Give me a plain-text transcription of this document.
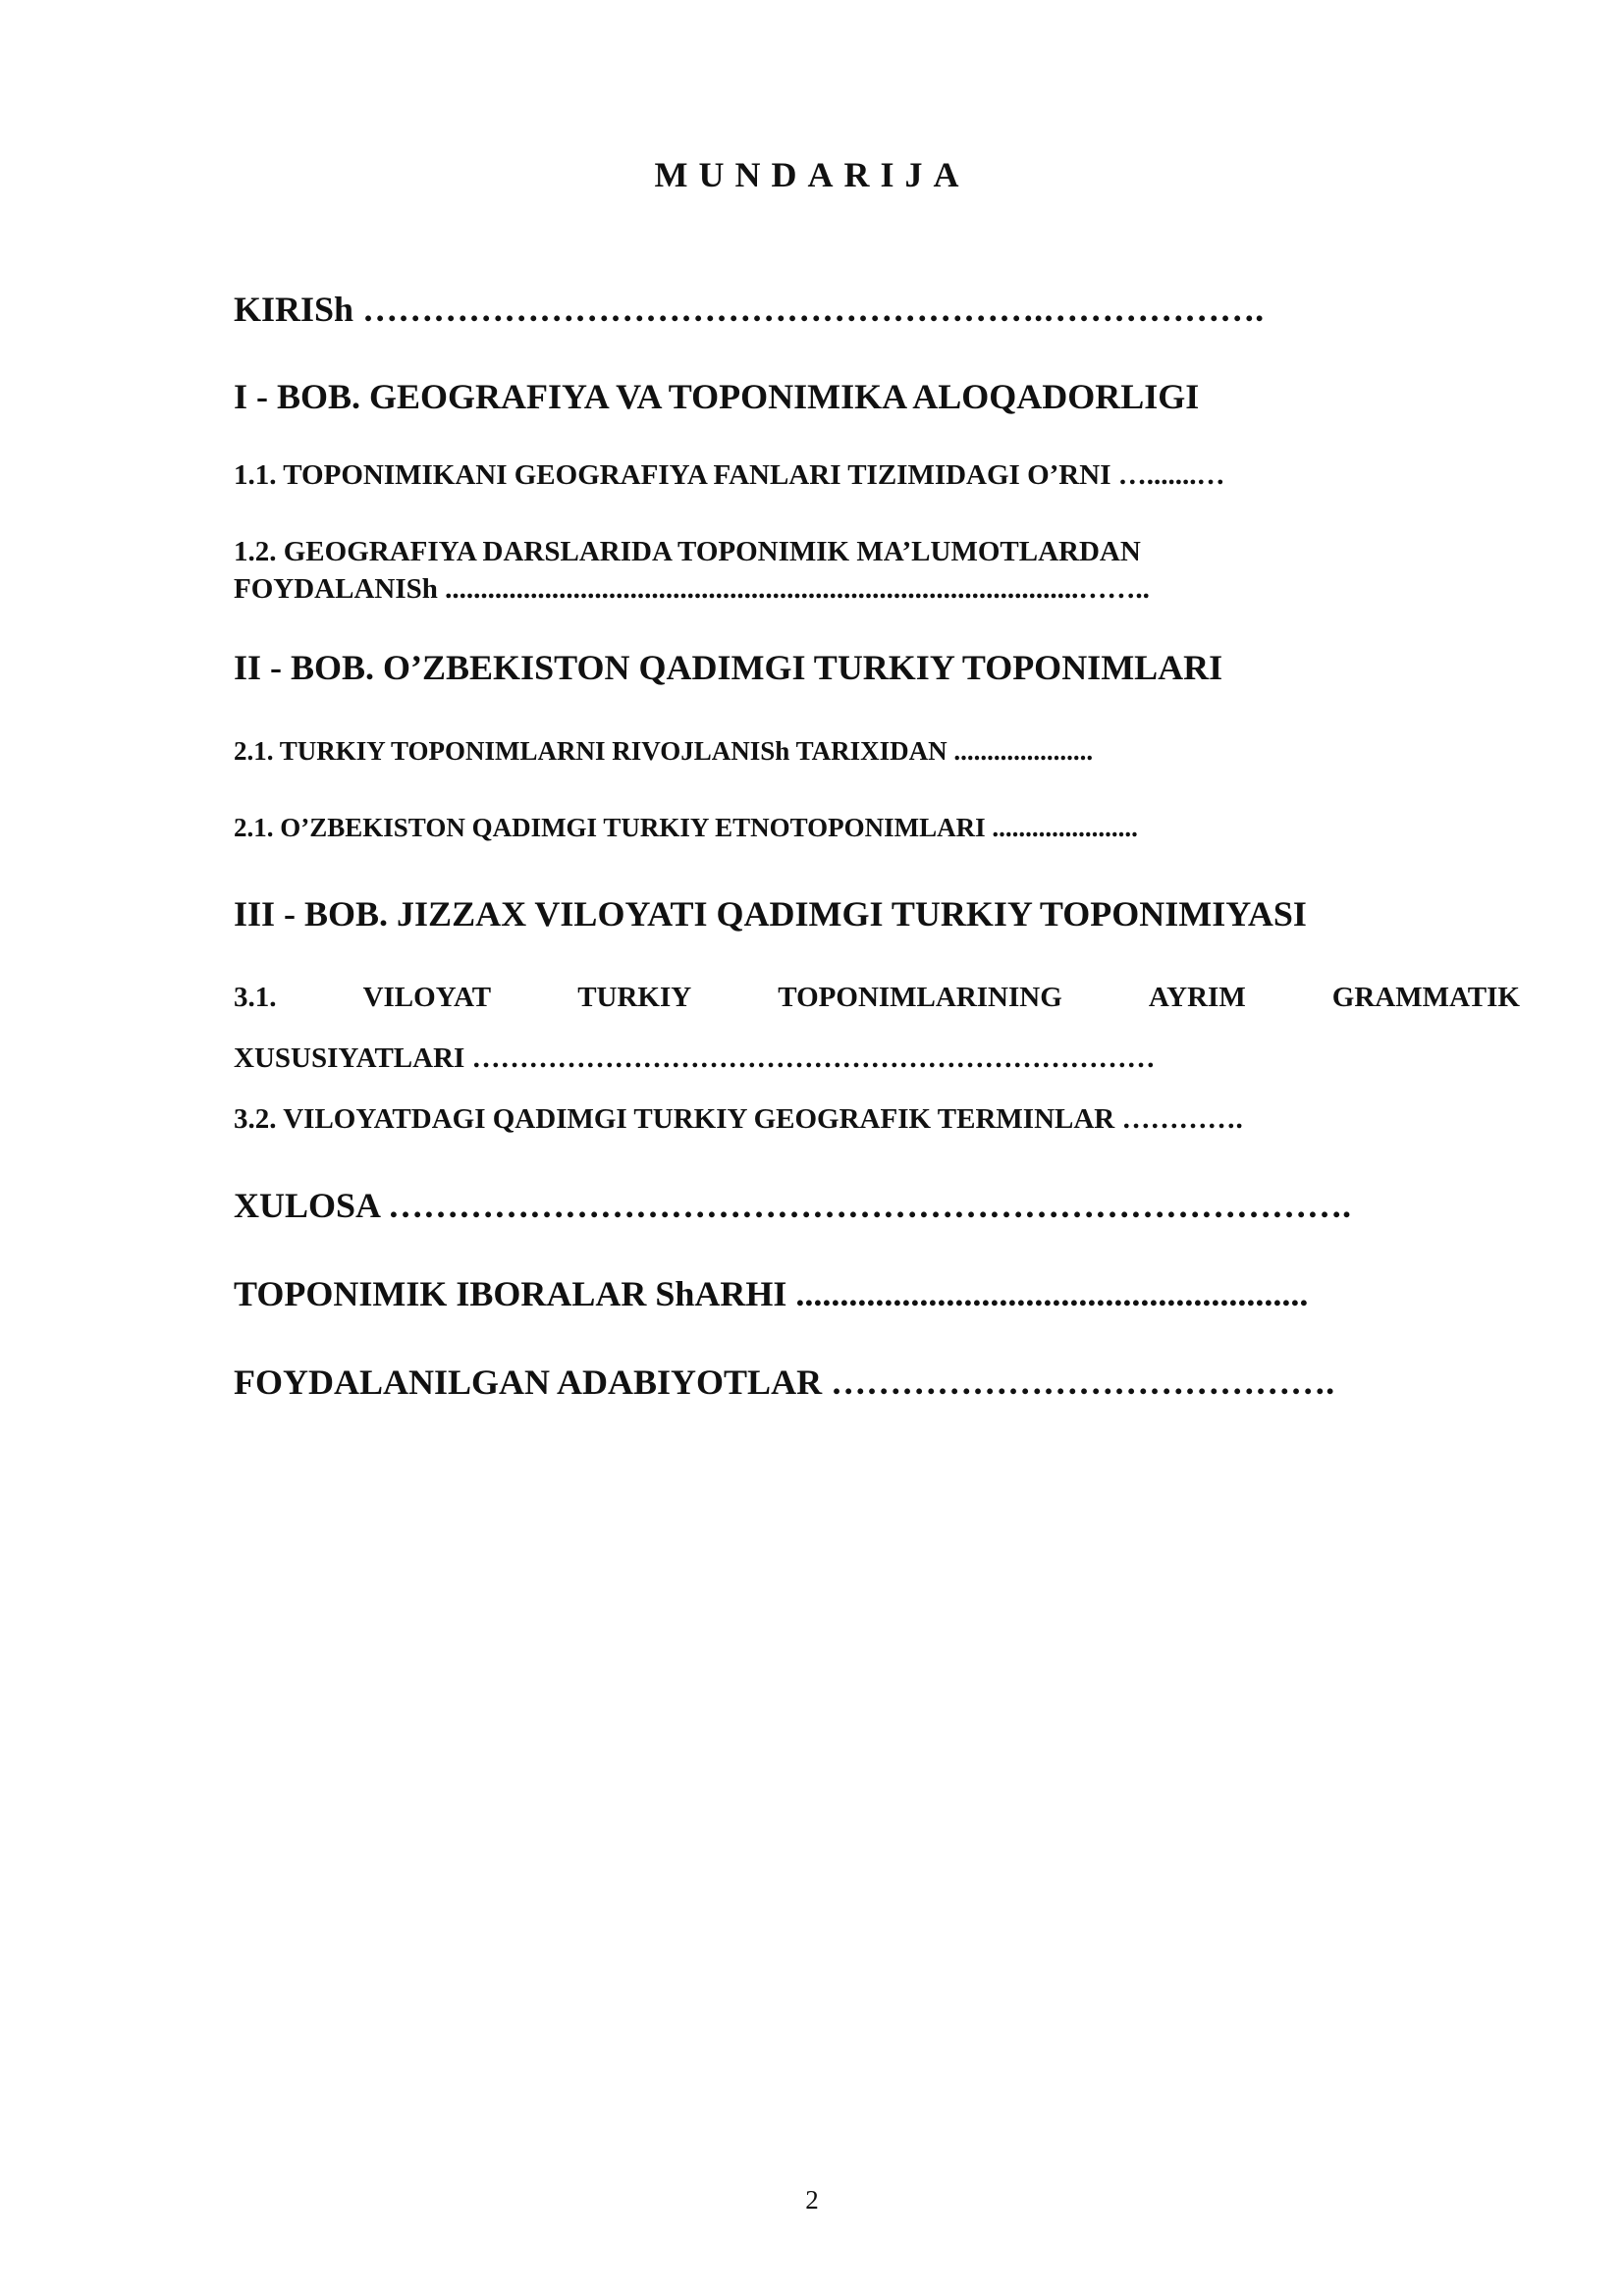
MUNDARIJA
KIRISh ………………………………………………….……………….
I - BOB. GEOGRAFIYA VA TOPONIMIKA ALOQADORLIGI
1.1. TOPONIMIKANI GEOGRAFIYA FANLARI TIZIMIDAGI O’RNI ….......…
1.2. GEOGRAFIYA DARSLARIDA TOPONIMIK MA’LUMOTLARDAN
FOYDALANISh .........................................................................................……..
II - BOB. O’ZBEKISTON QADIMGI TURKIY TOPONIMLARI
2.1. TURKIY TOPONIMLARNI RIVOJLANISh TARIXIDAN .....................
2.1. O’ZBEKISTON QADIMGI TURKIY ETNOTOPONIMLARI ......................
III - BOB. JIZZAX VILOYATI QADIMGI TURKIY TOPONIMIYASI
3.1.	VILOYAT	TURKIY	TOPONIMLARINING	AYRIM	GRAMMATIK
XUSUSIYATLARI ………………………………………………………………
3.2. VILOYATDAGI QADIMGI TURKIY GEOGRAFIK TERMINLAR ………….
XULOSA ……………………………………………………………………….
TOPONIMIK IBORALAR ShARHI ..........................................................
FOYDALANILGAN ADABIYOTLAR …………………………………….
2
